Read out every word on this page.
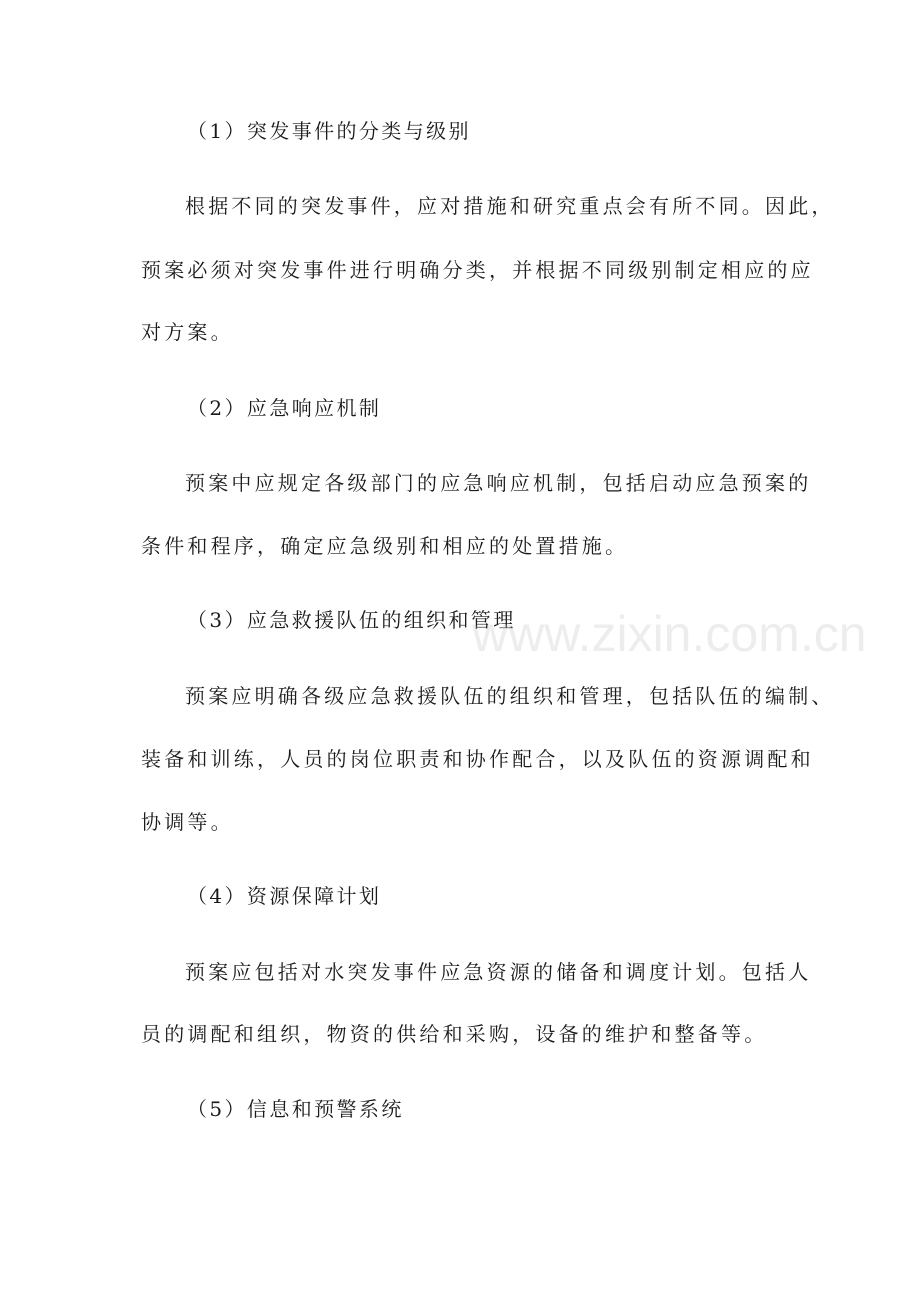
（1）突发事件的分类与级别
根据不同的突发事件，应对措施和研究重点会有所不同。因此，
预案必须对突发事件进行明确分类，并根据不同级别制定相应的应
对方案。
（2）应急响应机制
预案中应规定各级部门的应急响应机制，包括启动应急预案的
条件和程序，确定应急级别和相应的处置措施。
（3）应急救援队伍的组织和管理
预案应明确各级应急救援队伍的组织和管理，包括队伍的编制、
装备和训练，人员的岗位职责和协作配合，以及队伍的资源调配和
协调等。
（4）资源保障计划
预案应包括对水突发事件应急资源的储备和调度计划。包括人
员的调配和组织，物资的供给和采购，设备的维护和整备等。
（5）信息和预警系统
www.zixin.com.cn
